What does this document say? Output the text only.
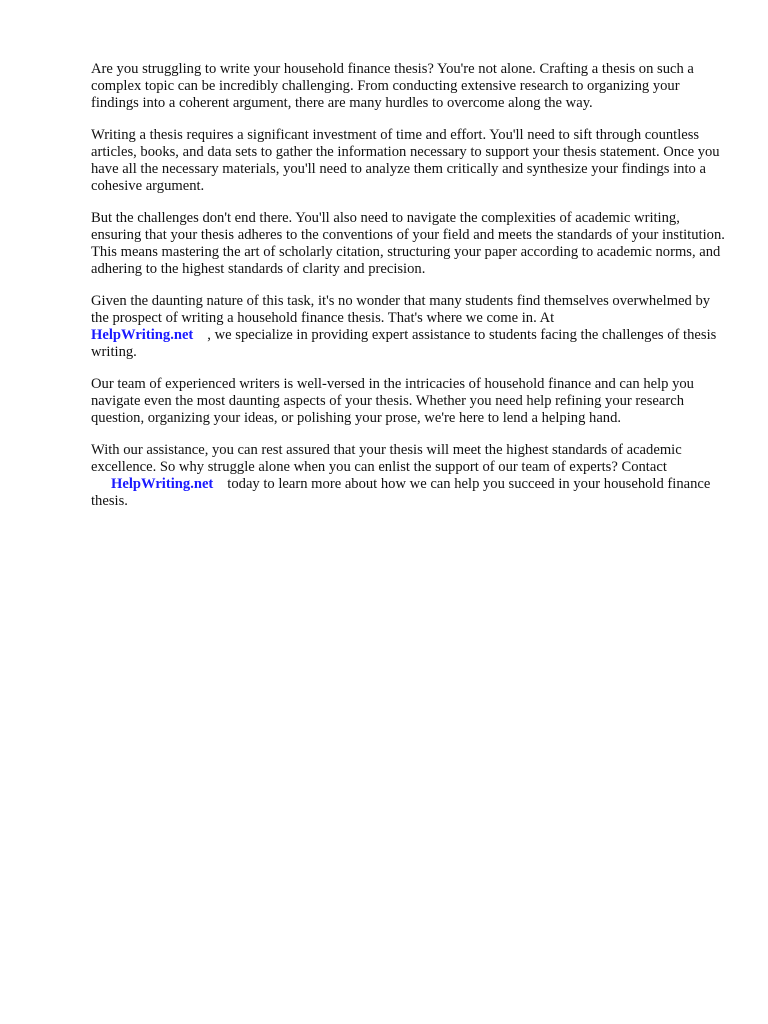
Are you struggling to write your household finance thesis? You're not alone. Crafting a thesis on such a complex topic can be incredibly challenging. From conducting extensive research to organizing your findings into a coherent argument, there are many hurdles to overcome along the way.

Writing a thesis requires a significant investment of time and effort. You'll need to sift through countless articles, books, and data sets to gather the information necessary to support your thesis statement. Once you have all the necessary materials, you'll need to analyze them critically and synthesize your findings into a cohesive argument.

But the challenges don't end there. You'll also need to navigate the complexities of academic writing, ensuring that your thesis adheres to the conventions of your field and meets the standards of your institution. This means mastering the art of scholarly citation, structuring your paper according to academic norms, and adhering to the highest standards of clarity and precision.

Given the daunting nature of this task, it's no wonder that many students find themselves overwhelmed by the prospect of writing a household finance thesis. That's where we come in. At
HelpWriting.net , we specialize in providing expert assistance to students facing the challenges of thesis writing.

Our team of experienced writers is well-versed in the intricacies of household finance and can help you navigate even the most daunting aspects of your thesis. Whether you need help refining your research question, organizing your ideas, or polishing your prose, we're here to lend a helping hand.

With our assistance, you can rest assured that your thesis will meet the highest standards of academic excellence. So why struggle alone when you can enlist the support of our team of experts? Contact
HelpWriting.net today to learn more about how we can help you succeed in your household finance thesis.
